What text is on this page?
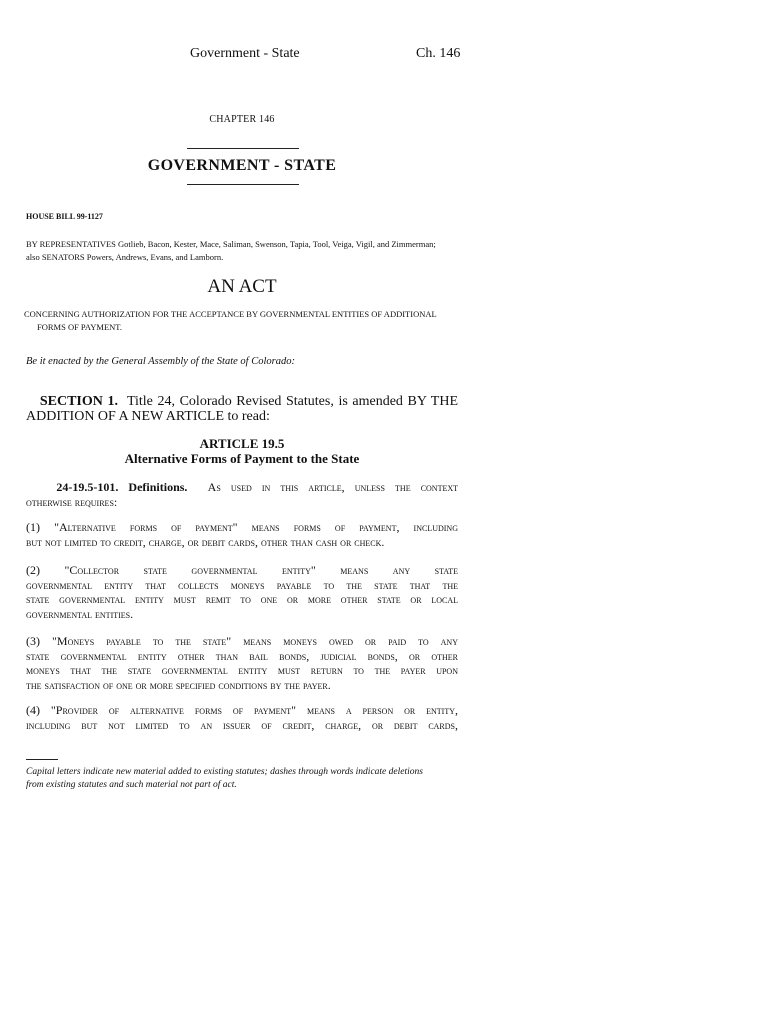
Government - State	Ch. 146
CHAPTER 146
GOVERNMENT - STATE
HOUSE BILL 99-1127
BY REPRESENTATIVES Gotlieb, Bacon, Kester, Mace, Saliman, Swenson, Tapia, Tool, Veiga, Vigil, and Zimmerman;
also SENATORS Powers, Andrews, Evans, and Lamborn.
AN ACT
CONCERNING AUTHORIZATION FOR THE ACCEPTANCE BY GOVERNMENTAL ENTITIES OF ADDITIONAL
FORMS OF PAYMENT.
Be it enacted by the General Assembly of the State of Colorado:
SECTION 1. Title 24, Colorado Revised Statutes, is amended BY THE
ADDITION OF A NEW ARTICLE to read:
ARTICLE 19.5
Alternative Forms of Payment to the State
24-19.5-101. Definitions. As used in this article, unless the context
otherwise requires:
(1) "Alternative forms of payment" means forms of payment, including
but not limited to credit, charge, or debit cards, other than cash or check.
(2) "Collector state governmental entity" means any state
governmental entity that collects moneys payable to the state that the
state governmental entity must remit to one or more other state or local
governmental entities.
(3) "Moneys payable to the state" means moneys owed or paid to any
state governmental entity other than bail bonds, judicial bonds, or other
moneys that the state governmental entity must return to the payer upon
the satisfaction of one or more specified conditions by the payer.
(4) "Provider of alternative forms of payment" means a person or entity,
including but not limited to an issuer of credit, charge, or debit cards,
Capital letters indicate new material added to existing statutes; dashes through words indicate deletions
from existing statutes and such material not part of act.
